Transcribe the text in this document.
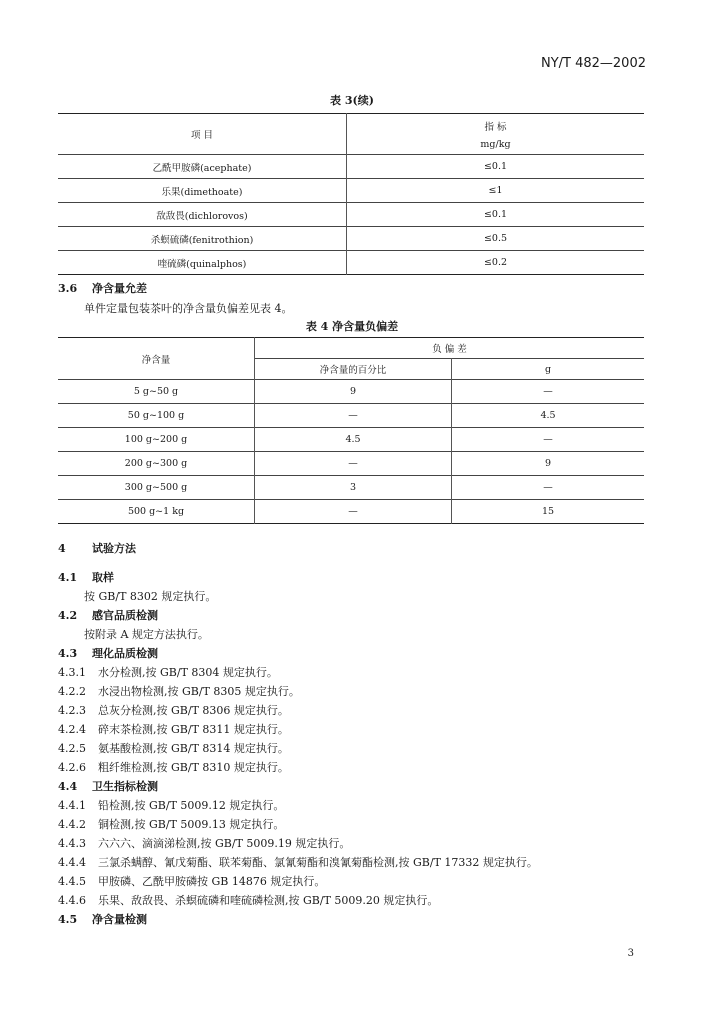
NY/T 482—2002
表 3(续)
项 目	指 标
mg/kg

乙酰甲胺磷(acephate)	≤0.1
乐果(dimethoate)	≤1
敌敌畏(dichlorovos)	≤0.1
杀螟硫磷(fenitrothion)	≤0.5
喹硫磷(quinalphos)	≤0.2
3.6 净含量允差
单件定量包装茶叶的净含量负偏差见表 4。
表 4 净含量负偏差
净含量	负 偏 差	
	净含量的百分比	g
5 g~50 g	9	—
50 g~100 g	—	4.5
100 g~200 g	4.5	—
200 g~300 g	—	9
300 g~500 g	3	—
500 g~1 kg	—	15
4 试验方法
4.1 取样
按 GB/T 8302 规定执行。
4.2 感官品质检测
按附录 A 规定方法执行。
4.3 理化品质检测
4.3.1 水分检测,按 GB/T 8304 规定执行。
4.2.2 水浸出物检测,按 GB/T 8305 规定执行。
4.2.3 总灰分检测,按 GB/T 8306 规定执行。
4.2.4 碎末茶检测,按 GB/T 8311 规定执行。
4.2.5 氨基酸检测,按 GB/T 8314 规定执行。
4.2.6 粗纤维检测,按 GB/T 8310 规定执行。
4.4 卫生指标检测
4.4.1 铅检测,按 GB/T 5009.12 规定执行。
4.4.2 铜检测,按 GB/T 5009.13 规定执行。
4.4.3 六六六、滴滴涕检测,按 GB/T 5009.19 规定执行。
4.4.4 三氯杀螨醇、氰戊菊酯、联苯菊酯、氯氰菊酯和溴氰菊酯检测,按 GB/T 17332 规定执行。
4.4.5 甲胺磷、乙酰甲胺磷按 GB 14876 规定执行。
4.4.6 乐果、敌敌畏、杀螟硫磷和喹硫磷检测,按 GB/T 5009.20 规定执行。
4.5 净含量检测
3
